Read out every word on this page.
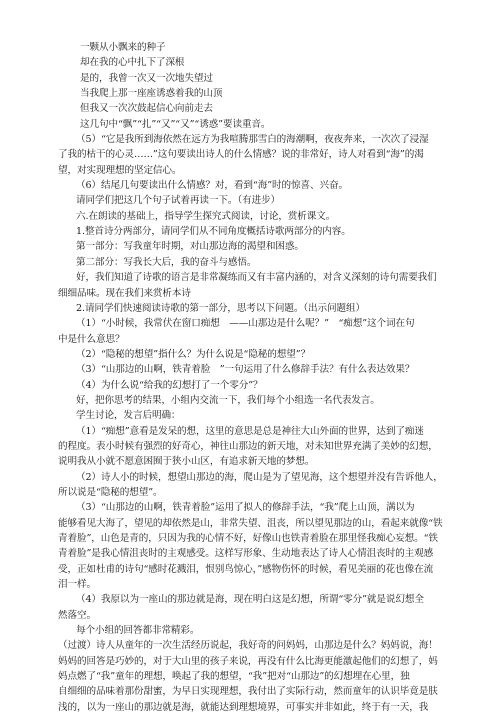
一颗从小飘来的种子
却在我的心中扎下了深根
是的，我曾一次又一次地失望过
当我爬上那一座座诱惑着我的山顶
但我又一次次鼓起信心向前走去
这几句中“飘”“扎”“又”“又”“诱惑”要读重音。
（5）“它是我所到海依然在远方为我喧腾那雪白的海潮啊，夜夜奔来，一次次了浸湿
了我的枯干的心灵……”这句要读出诗人的什么情感？说的非常好，诗人对看到“海”的渴
望，对实现理想的坚定信心。
（6）结尾几句要读出什么情感？对，看到“海”时的惊喜、兴奋。
请同学们把这几个句子试着再读一下。（有进步）
六.在朗读的基础上，指导学生探究式阅读，讨论，赏析课文。
1.整首诗分两部分，请同学们从不同角度概括诗歌两部分的内容。
第一部分：写我童年时期，对山那边海的渴望和困惑。
第二部分：写我长大后，我的奋斗与感悟。
好，我们知道了诗歌的语言是非常凝练而又有丰富内涵的，对含义深刻的诗句需要我们
细细品味。现在我们来赏析本诗
2.请同学们快速阅读诗歌的第一部分，思考以下问题。（出示问题组）
（1）“小时候，我常伏在窗口痴想　——山那边是什么呢？”　“痴想”这个词在句
中是什么意思？
（2）“隐秘的想望”指什么？为什么说是“隐秘的想望”？
（3）“山那边的山啊，铁青着脸　”一句运用了什么修辞手法？有什么表达效果？
（4）为什么说“给我的幻想打了一个零分”？
好，把你思考的结果，小组内交流一下，我们每个小组选一名代表发言。
学生讨论，发言后明确：
（1）“痴想”意看是发呆的想，这里的意思是总是神往大山外面的世界，达到了痴迷
的程度。表小时候有强烈的好奇心，神往山那边的新天地，对未知世界充满了美妙的幻想，
说明我从小就不愿意困囿于狭小山区，有追求新天地的梦想。
（2）诗人小的时候，想望山那边的海，爬山是为了望见海，这个想望并没有告诉他人，
所以说是“隐秘的想望”。
（3）“山那边的山啊，铁青着脸”运用了拟人的修辞手法，“我”爬上山顶，满以为
能够看见大海了，望见的却依然是山，非常失望、沮丧，所以望见那边的山，看起来就像“铁
青着脸”，山色是青的，只因为我的心情不好，好像山也铁青着脸在那里怪我痴心妄想。“铁
青着脸”是我心情沮丧时的主观感受。这样写形象、生动地表达了诗人心情沮丧时的主观感
受，正如杜甫的诗句“感时花溅泪，恨别鸟惊心，”感物伤怀的时候，看见美丽的花也像在流
泪一样。
（4）我原以为一座山的那边就是海，现在明白这是幻想，所谓“零分”就是说幻想全
然落空。
每个小组的回答都非常精彩。
（过渡）诗人从童年的一次生活经历说起，我好奇的问妈妈，山那边是什么？妈妈说，海！
妈妈的回答是巧妙的，对于大山里的孩子来说，再没有什么比海更能激起他们的幻想了，妈
妈点燃了“我”童年的理想，唤起了我的想望，“我”把对“山那边”的幻想埋在心里，独
自细细的品味着那份甜蜜，为早日实现理想，我付出了实际行动，然而童年的认识毕竟是肤
浅的，以为一座山的那边就是海，就能达到理想境界，可事实并非如此，终于有一天，我
